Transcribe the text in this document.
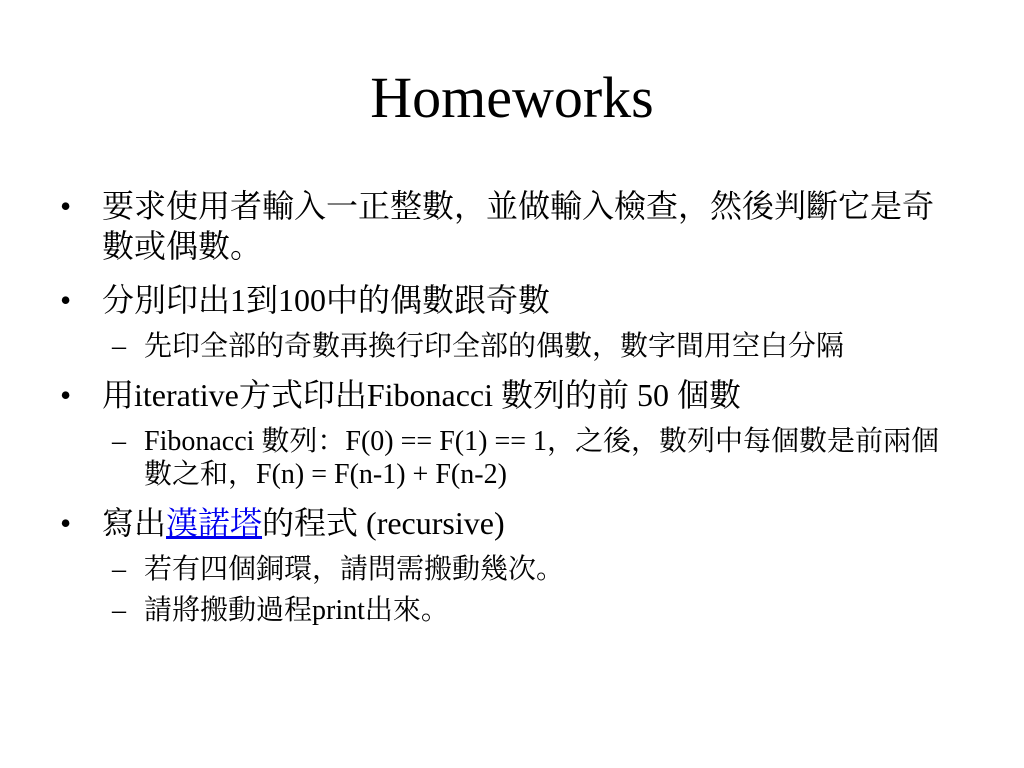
Homeworks
• 要求使用者輸入一正整數，並做輸入檢查，然後判斷它是奇數或偶數。
• 分別印出1到100中的偶數跟奇數
– 先印全部的奇數再換行印全部的偶數，數字間用空白分隔
• 用iterative方式印出Fibonacci 數列的前 50 個數
– Fibonacci 數列：F(0) == F(1) == 1，之後，數列中每個數是前兩個數之和，F(n) = F(n-1) + F(n-2)
• 寫出漢諾塔的程式 (recursive)
– 若有四個銅環，請問需搬動幾次。
– 請將搬動過程print出來。
